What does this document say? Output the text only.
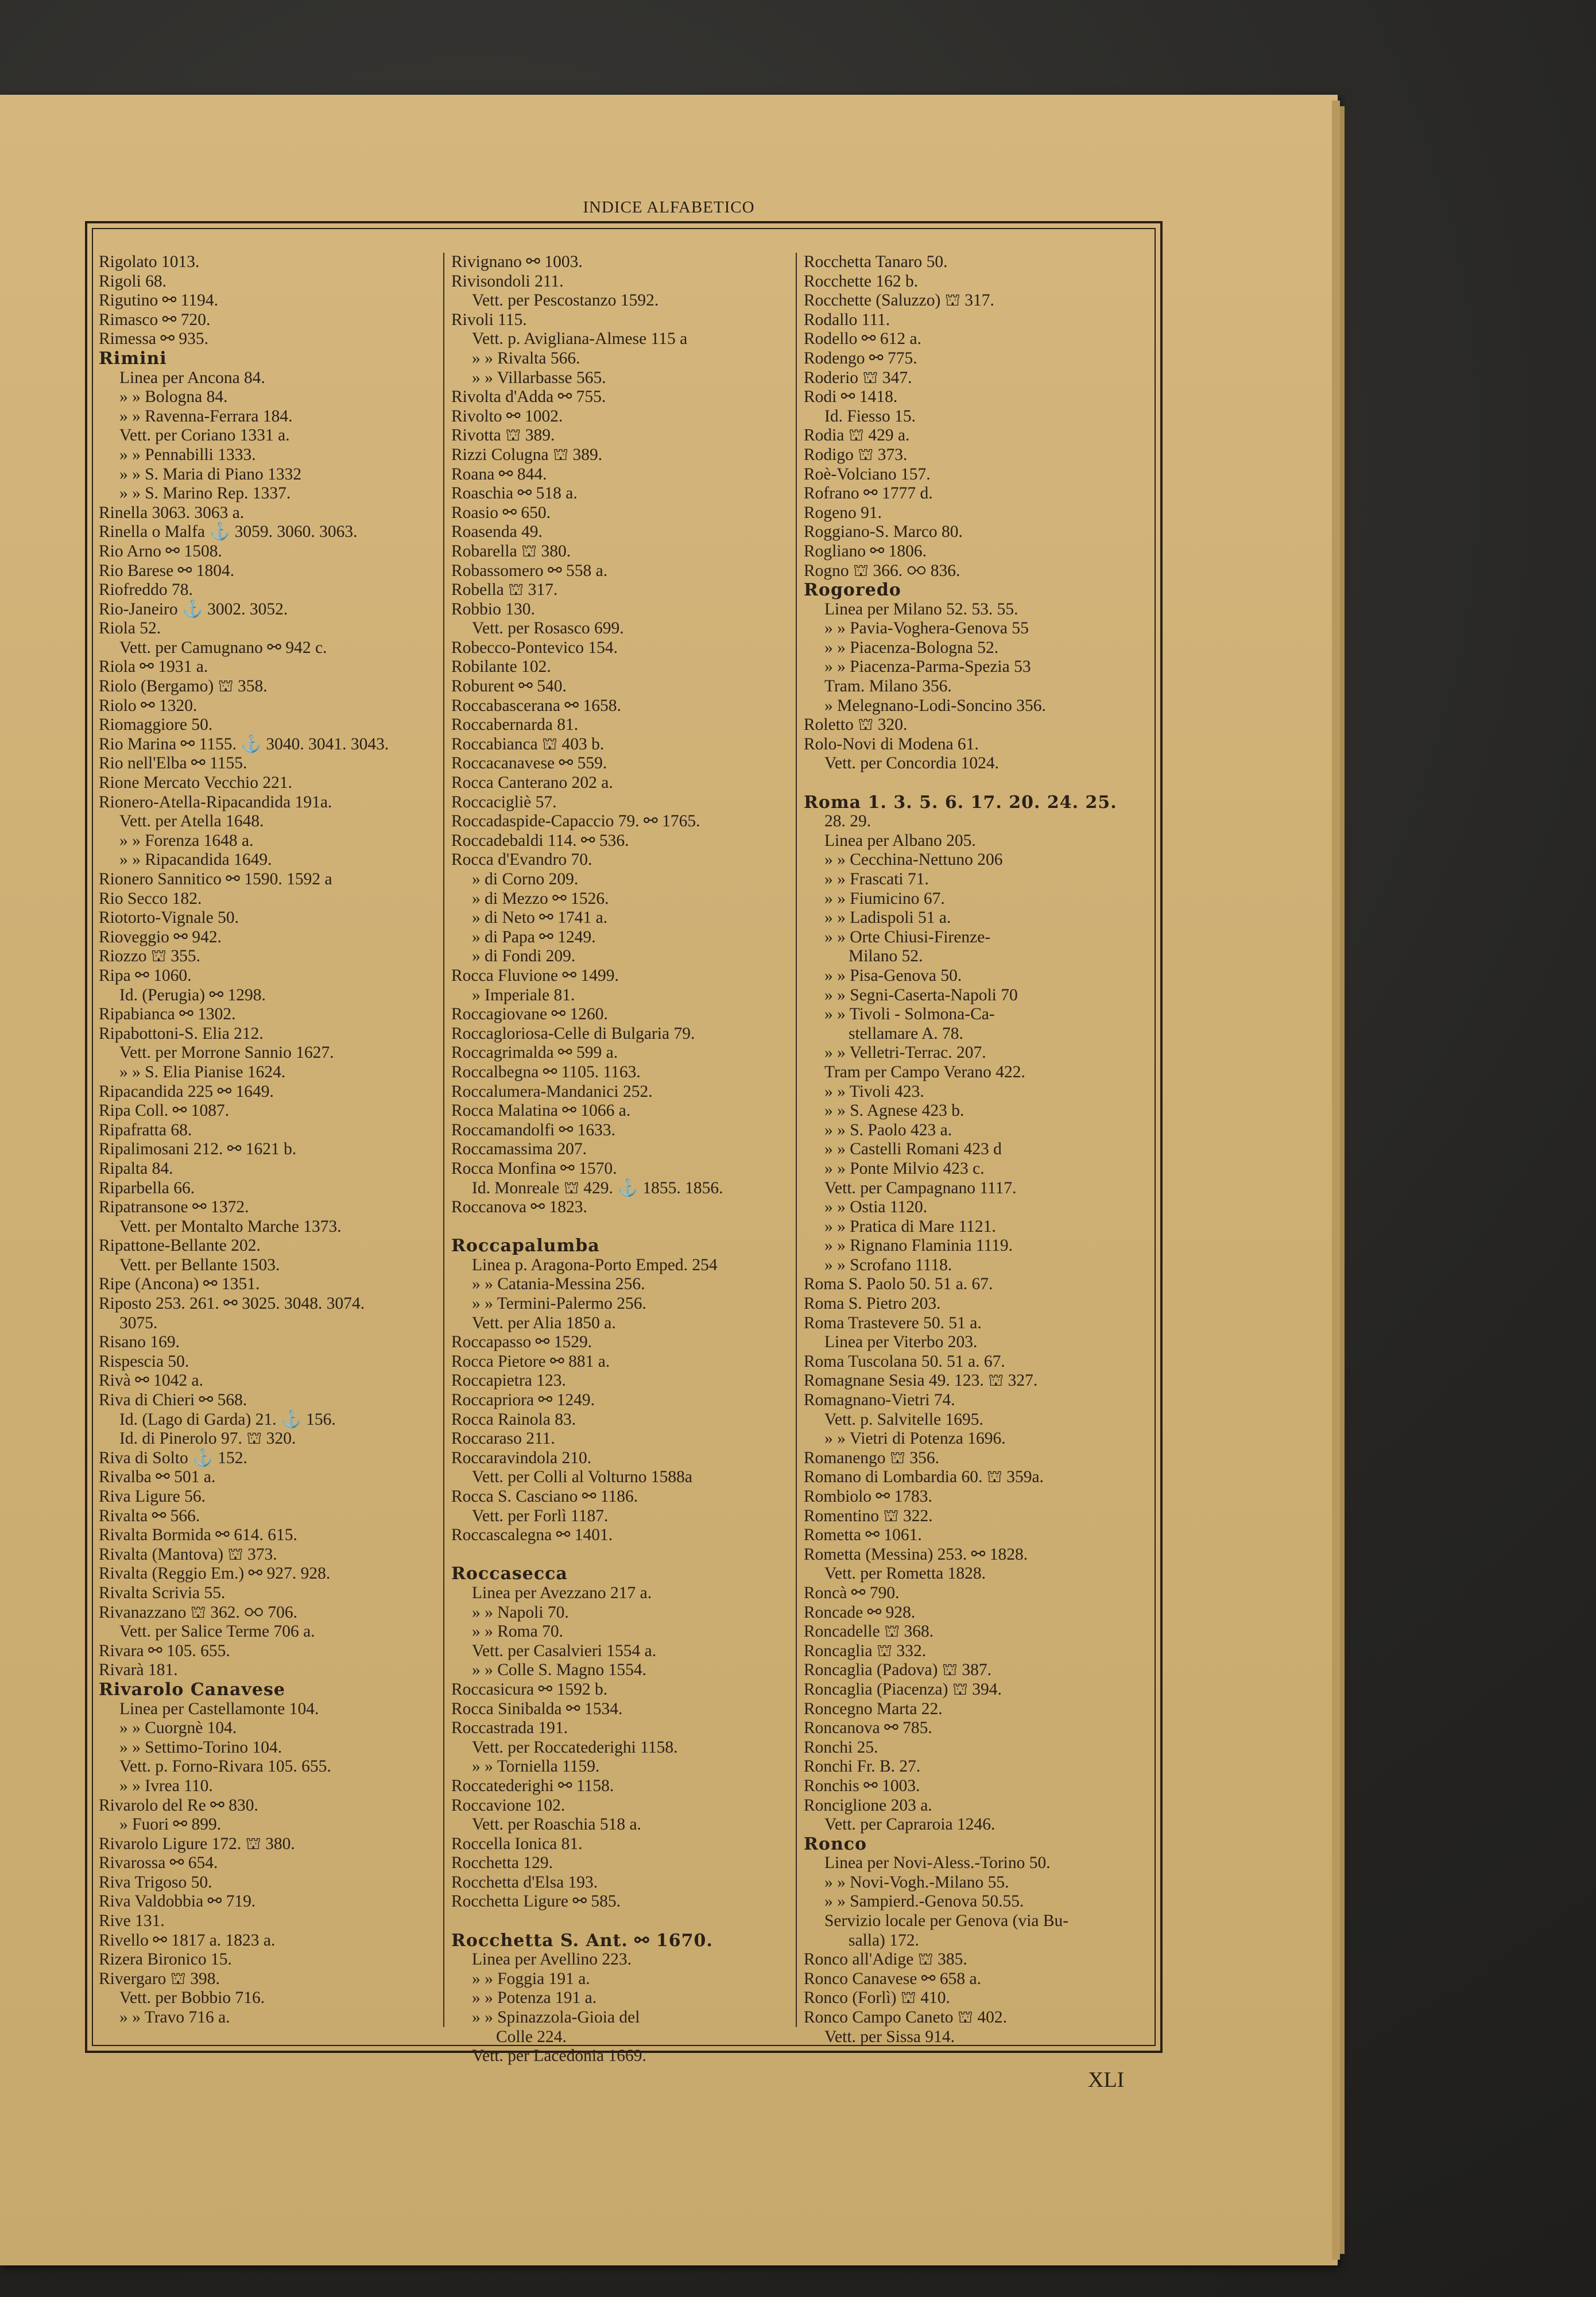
INDICE ALFABETICO
Rigolato 1013.
Rigoli 68.
Rigutino ⚯ 1194.
Rimasco ⚯ 720.
Rimessa ⚯ 935.
Rimini
Linea per Ancona 84.
» » Bologna 84.
» » Ravenna-Ferrara 184.
Vett. per Coriano 1331 a.
» » Pennabilli 1333.
» » S. Maria di Piano 1332
» » S. Marino Rep. 1337.
Rinella 3063. 3063 a.
Rinella o Malfa ⚓ 3059. 3060. 3063.
Rio Arno ⚯ 1508.
Rio Barese ⚯ 1804.
Riofreddo 78.
Rio-Janeiro ⚓ 3002. 3052.
Riola 52.
Vett. per Camugnano ⚯ 942 c.
Riola ⚯ 1931 a.
Riolo (Bergamo) ⛫ 358.
Riolo ⚯ 1320.
Riomaggiore 50.
Rio Marina ⚯ 1155. ⚓ 3040. 3041. 3043.
Rio nell'Elba ⚯ 1155.
Rione Mercato Vecchio 221.
Rionero-Atella-Ripacandida 191a.
Vett. per Atella 1648.
» » Forenza 1648 a.
» » Ripacandida 1649.
Rionero Sannitico ⚯ 1590. 1592 a
Rio Secco 182.
Riotorto-Vignale 50.
Rioveggio ⚯ 942.
Riozzo ⛫ 355.
Ripa ⚯ 1060.
Id. (Perugia) ⚯ 1298.
Ripabianca ⚯ 1302.
Ripabottoni-S. Elia 212.
Vett. per Morrone Sannio 1627.
» » S. Elia Pianise 1624.
Ripacandida 225 ⚯ 1649.
Ripa Coll. ⚯ 1087.
Ripafratta 68.
Ripalimosani 212. ⚯ 1621 b.
Ripalta 84.
Riparbella 66.
Ripatransone ⚯ 1372.
Vett. per Montalto Marche 1373.
Ripattone-Bellante 202.
Vett. per Bellante 1503.
Ripe (Ancona) ⚯ 1351.
Riposto 253. 261. ⚯ 3025. 3048. 3074.
3075.
Risano 169.
Rispescia 50.
Rivà ⚯ 1042 a.
Riva di Chieri ⚯ 568.
Id. (Lago di Garda) 21. ⚓ 156.
Id. di Pinerolo 97. ⛫ 320.
Riva di Solto ⚓ 152.
Rivalba ⚯ 501 a.
Riva Ligure 56.
Rivalta ⚯ 566.
Rivalta Bormida ⚯ 614. 615.
Rivalta (Mantova) ⛫ 373.
Rivalta (Reggio Em.) ⚯ 927. 928.
Rivalta Scrivia 55.
Rivanazzano ⛫ 362. ⚯ 706.
Vett. per Salice Terme 706 a.
Rivara ⚯ 105. 655.
Rivarà 181.
Rivarolo Canavese
Linea per Castellamonte 104.
» » Cuorgnè 104.
» » Settimo-Torino 104.
Vett. p. Forno-Rivara 105. 655.
» » Ivrea 110.
Rivarolo del Re ⚯ 830.
» Fuori ⚯ 899.
Rivarolo Ligure 172. ⛫ 380.
Rivarossa ⚯ 654.
Riva Trigoso 50.
Riva Valdobbia ⚯ 719.
Rive 131.
Rivello ⚯ 1817 a. 1823 a.
Rizera Bironico 15.
Rivergaro ⛫ 398.
Vett. per Bobbio 716.
» » Travo 716 a.
Rivignano ⚯ 1003.
Rivisondoli 211.
Vett. per Pescostanzo 1592.
Rivoli 115.
Vett. p. Avigliana-Almese 115 a
» » Rivalta 566.
» » Villarbasse 565.
Rivolta d'Adda ⚯ 755.
Rivolto ⚯ 1002.
Rivotta ⛫ 389.
Rizzi Colugna ⛫ 389.
Roana ⚯ 844.
Roaschia ⚯ 518 a.
Roasio ⚯ 650.
Roasenda 49.
Robarella ⛫ 380.
Robassomero ⚯ 558 a.
Robella ⛫ 317.
Robbio 130.
Vett. per Rosasco 699.
Robecco-Pontevico 154.
Robilante 102.
Roburent ⚯ 540.
Roccabascerana ⚯ 1658.
Roccabernarda 81.
Roccabianca ⛫ 403 b.
Roccacanavese ⚯ 559.
Rocca Canterano 202 a.
Roccacigliè 57.
Roccadaspide-Capaccio 79. ⚯ 1765.
Roccadebaldi 114. ⚯ 536.
Rocca d'Evandro 70.
» di Corno 209.
» di Mezzo ⚯ 1526.
» di Neto ⚯ 1741 a.
» di Papa ⚯ 1249.
» di Fondi 209.
Rocca Fluvione ⚯ 1499.
» Imperiale 81.
Roccagiovane ⚯ 1260.
Roccagloriosa-Celle di Bulgaria 79.
Roccagrimalda ⚯ 599 a.
Roccalbegna ⚯ 1105. 1163.
Roccalumera-Mandanici 252.
Rocca Malatina ⚯ 1066 a.
Roccamandolfi ⚯ 1633.
Roccamassima 207.
Rocca Monfina ⚯ 1570.
Id. Monreale ⛫ 429. ⚓ 1855. 1856.
Roccanova ⚯ 1823.
Roccapalumba
Linea p. Aragona-Porto Emped. 254
» » Catania-Messina 256.
» » Termini-Palermo 256.
Vett. per Alia 1850 a.
Roccapasso ⚯ 1529.
Rocca Pietore ⚯ 881 a.
Roccapietra 123.
Roccapriora ⚯ 1249.
Rocca Rainola 83.
Roccaraso 211.
Roccaravindola 210.
Vett. per Colli al Volturno 1588a
Rocca S. Casciano ⚯ 1186.
Vett. per Forlì 1187.
Roccascalegna ⚯ 1401.
Roccasecca
Linea per Avezzano 217 a.
» » Napoli 70.
» » Roma 70.
Vett. per Casalvieri 1554 a.
» » Colle S. Magno 1554.
Roccasicura ⚯ 1592 b.
Rocca Sinibalda ⚯ 1534.
Roccastrada 191.
Vett. per Roccatederighi 1158.
» » Torniella 1159.
Roccatederighi ⚯ 1158.
Roccavione 102.
Vett. per Roaschia 518 a.
Roccella Ionica 81.
Rocchetta 129.
Rocchetta d'Elsa 193.
Rocchetta Ligure ⚯ 585.
Rocchetta S. Ant. ⚯ 1670.
Linea per Avellino 223.
» » Foggia 191 a.
» » Potenza 191 a.
» » Spinazzola-Gioia del
Colle 224.
Vett. per Lacedonia 1669.
Rocchetta Tanaro 50.
Rocchette 162 b.
Rocchette (Saluzzo) ⛫ 317.
Rodallo 111.
Rodello ⚯ 612 a.
Rodengo ⚯ 775.
Roderio ⛫ 347.
Rodi ⚯ 1418.
Id. Fiesso 15.
Rodia ⛫ 429 a.
Rodigo ⛫ 373.
Roè-Volciano 157.
Rofrano ⚯ 1777 d.
Rogeno 91.
Roggiano-S. Marco 80.
Rogliano ⚯ 1806.
Rogno ⛫ 366. ⚯ 836.
Rogoredo
Linea per Milano 52. 53. 55.
» » Pavia-Voghera-Genova 55
» » Piacenza-Bologna 52.
» » Piacenza-Parma-Spezia 53
Tram. Milano 356.
» Melegnano-Lodi-Soncino 356.
Roletto ⛫ 320.
Rolo-Novi di Modena 61.
Vett. per Concordia 1024.
Roma 1. 3. 5. 6. 17. 20. 24. 25.
28. 29.
Linea per Albano 205.
» » Cecchina-Nettuno 206
» » Frascati 71.
» » Fiumicino 67.
» » Ladispoli 51 a.
» » Orte Chiusi-Firenze-
Milano 52.
» » Pisa-Genova 50.
» » Segni-Caserta-Napoli 70
» » Tivoli - Solmona-Ca-
stellamare A. 78.
» » Velletri-Terrac. 207.
Tram per Campo Verano 422.
» » Tivoli 423.
» » S. Agnese 423 b.
» » S. Paolo 423 a.
» » Castelli Romani 423 d
» » Ponte Milvio 423 c.
Vett. per Campagnano 1117.
» » Ostia 1120.
» » Pratica di Mare 1121.
» » Rignano Flaminia 1119.
» » Scrofano 1118.
Roma S. Paolo 50. 51 a. 67.
Roma S. Pietro 203.
Roma Trastevere 50. 51 a.
Linea per Viterbo 203.
Roma Tuscolana 50. 51 a. 67.
Romagnane Sesia 49. 123. ⛫ 327.
Romagnano-Vietri 74.
Vett. p. Salvitelle 1695.
» » Vietri di Potenza 1696.
Romanengo ⛫ 356.
Romano di Lombardia 60. ⛫ 359a.
Rombiolo ⚯ 1783.
Romentino ⛫ 322.
Rometta ⚯ 1061.
Rometta (Messina) 253. ⚯ 1828.
Vett. per Rometta 1828.
Roncà ⚯ 790.
Roncade ⚯ 928.
Roncadelle ⛫ 368.
Roncaglia ⛫ 332.
Roncaglia (Padova) ⛫ 387.
Roncaglia (Piacenza) ⛫ 394.
Roncegno Marta 22.
Roncanova ⚯ 785.
Ronchi 25.
Ronchi Fr. B. 27.
Ronchis ⚯ 1003.
Ronciglione 203 a.
Vett. per Capraroia 1246.
Ronco
Linea per Novi-Aless.-Torino 50.
» » Novi-Vogh.-Milano 55.
» » Sampierd.-Genova 50.55.
Servizio locale per Genova (via Bu-
salla) 172.
Ronco all'Adige ⛫ 385.
Ronco Canavese ⚯ 658 a.
Ronco (Forlì) ⛫ 410.
Ronco Campo Caneto ⛫ 402.
Vett. per Sissa 914.
XLI
